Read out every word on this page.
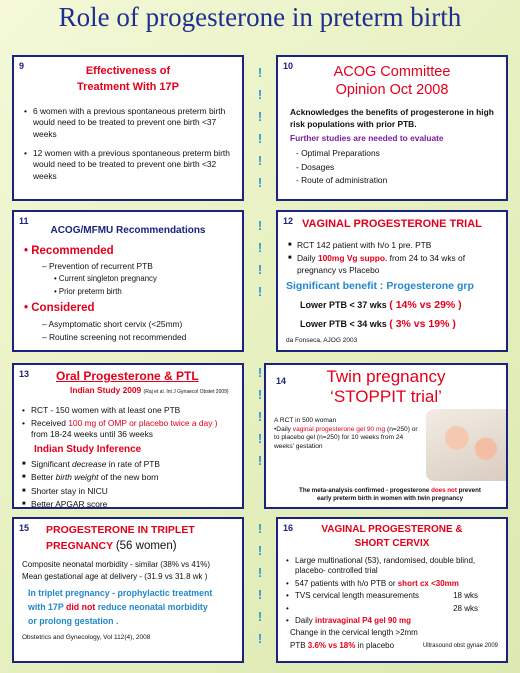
Role of progesterone in preterm birth
!
!
!
!
!
!
!
!
!
!
!
!
!
!
!
!
!
!
!
!
!
9	Effectiveness of
Treatment With 17P
• 6 women with a previous spontaneous preterm birth would need to be treated to prevent one birth <37 weeks
• 12 women with a previous spontaneous preterm birth would need to be treated to prevent one birth <32 weeks
10	ACOG Committee
Opinion Oct 2008
Acknowledges the benefits of progesterone in high risk populations with prior PTB.
Further studies are needed to evaluate
- Optimal Preparations
- Dosages
- Route of administration
11
ACOG/MFMU Recommendations
• Recommended
– Prevention of recurrent PTB
• Current singleton pregnancy
• Prior preterm birth
• Considered
– Asymptomatic short cervix (<25mm)
– Routine screening not recommended
12 VAGINAL PROGESTERONE TRIAL
■ RCT 142 patient with h/o 1 pre. PTB
■ Daily 100mg Vg suppo. from 24 to 34 wks of pregnancy vs Placebo
Significant benefit : Progesterone grp
Lower PTB < 37 wks ( 14% vs 29% )
Lower PTB < 34 wks ( 3% vs 19% )
da Fonseca, AJOG 2003
13 Oral Progesterone & PTL
Indian Study 2009 (Raj et al. Int J Gynaecol Obstet 2009)
• RCT - 150 women with at least one PTB
• Received 100 mg of OMP or placebo twice a day ) from 18-24 weeks until 36 weeks
Indian Study Inference
■ Significant decrease in rate of PTB
■ Better birth weight of the new born
■ Shorter stay in NICU
■ Better APGAR score
14	Twin pregnancy
‘STOPPIT trial’
A RCT in 500 woman
•Daily vaginal progesterone gel 90 mg (n=250) or to placebo gel (n=250) for 10 weeks from 24 weeks' gestation
The meta-analysis confirmed - progesterone does not prevent early preterm birth in women with twin pregnancy
15 PROGESTERONE IN TRIPLET
PREGNANCY (56 women)
Composite neonatal morbidity - similar (38% vs 41%)
Mean gestational age at delivery - (31.9 vs 31.8 wk )
In triplet pregnancy - prophylactic treatment
with 17P did not reduce neonatal morbidity
or prolong gestation .
Obstetrics and Gynecology, Vol 112(4), 2008
16	VAGINAL PROGESTERONE &
SHORT CERVIX
• Large multinational (53), randomised, double blind, placebo- controlled trial
• 547 patients with h/o PTB or short cx <30mm
• TVS cervical length measurements	18 wks
• 28 wks
• Daily intravaginal P4 gel 90 mg
Change in the cervical length >2mm
PTB 3.6% vs 18% in placebo	Ultrasound obst gynae 2009
